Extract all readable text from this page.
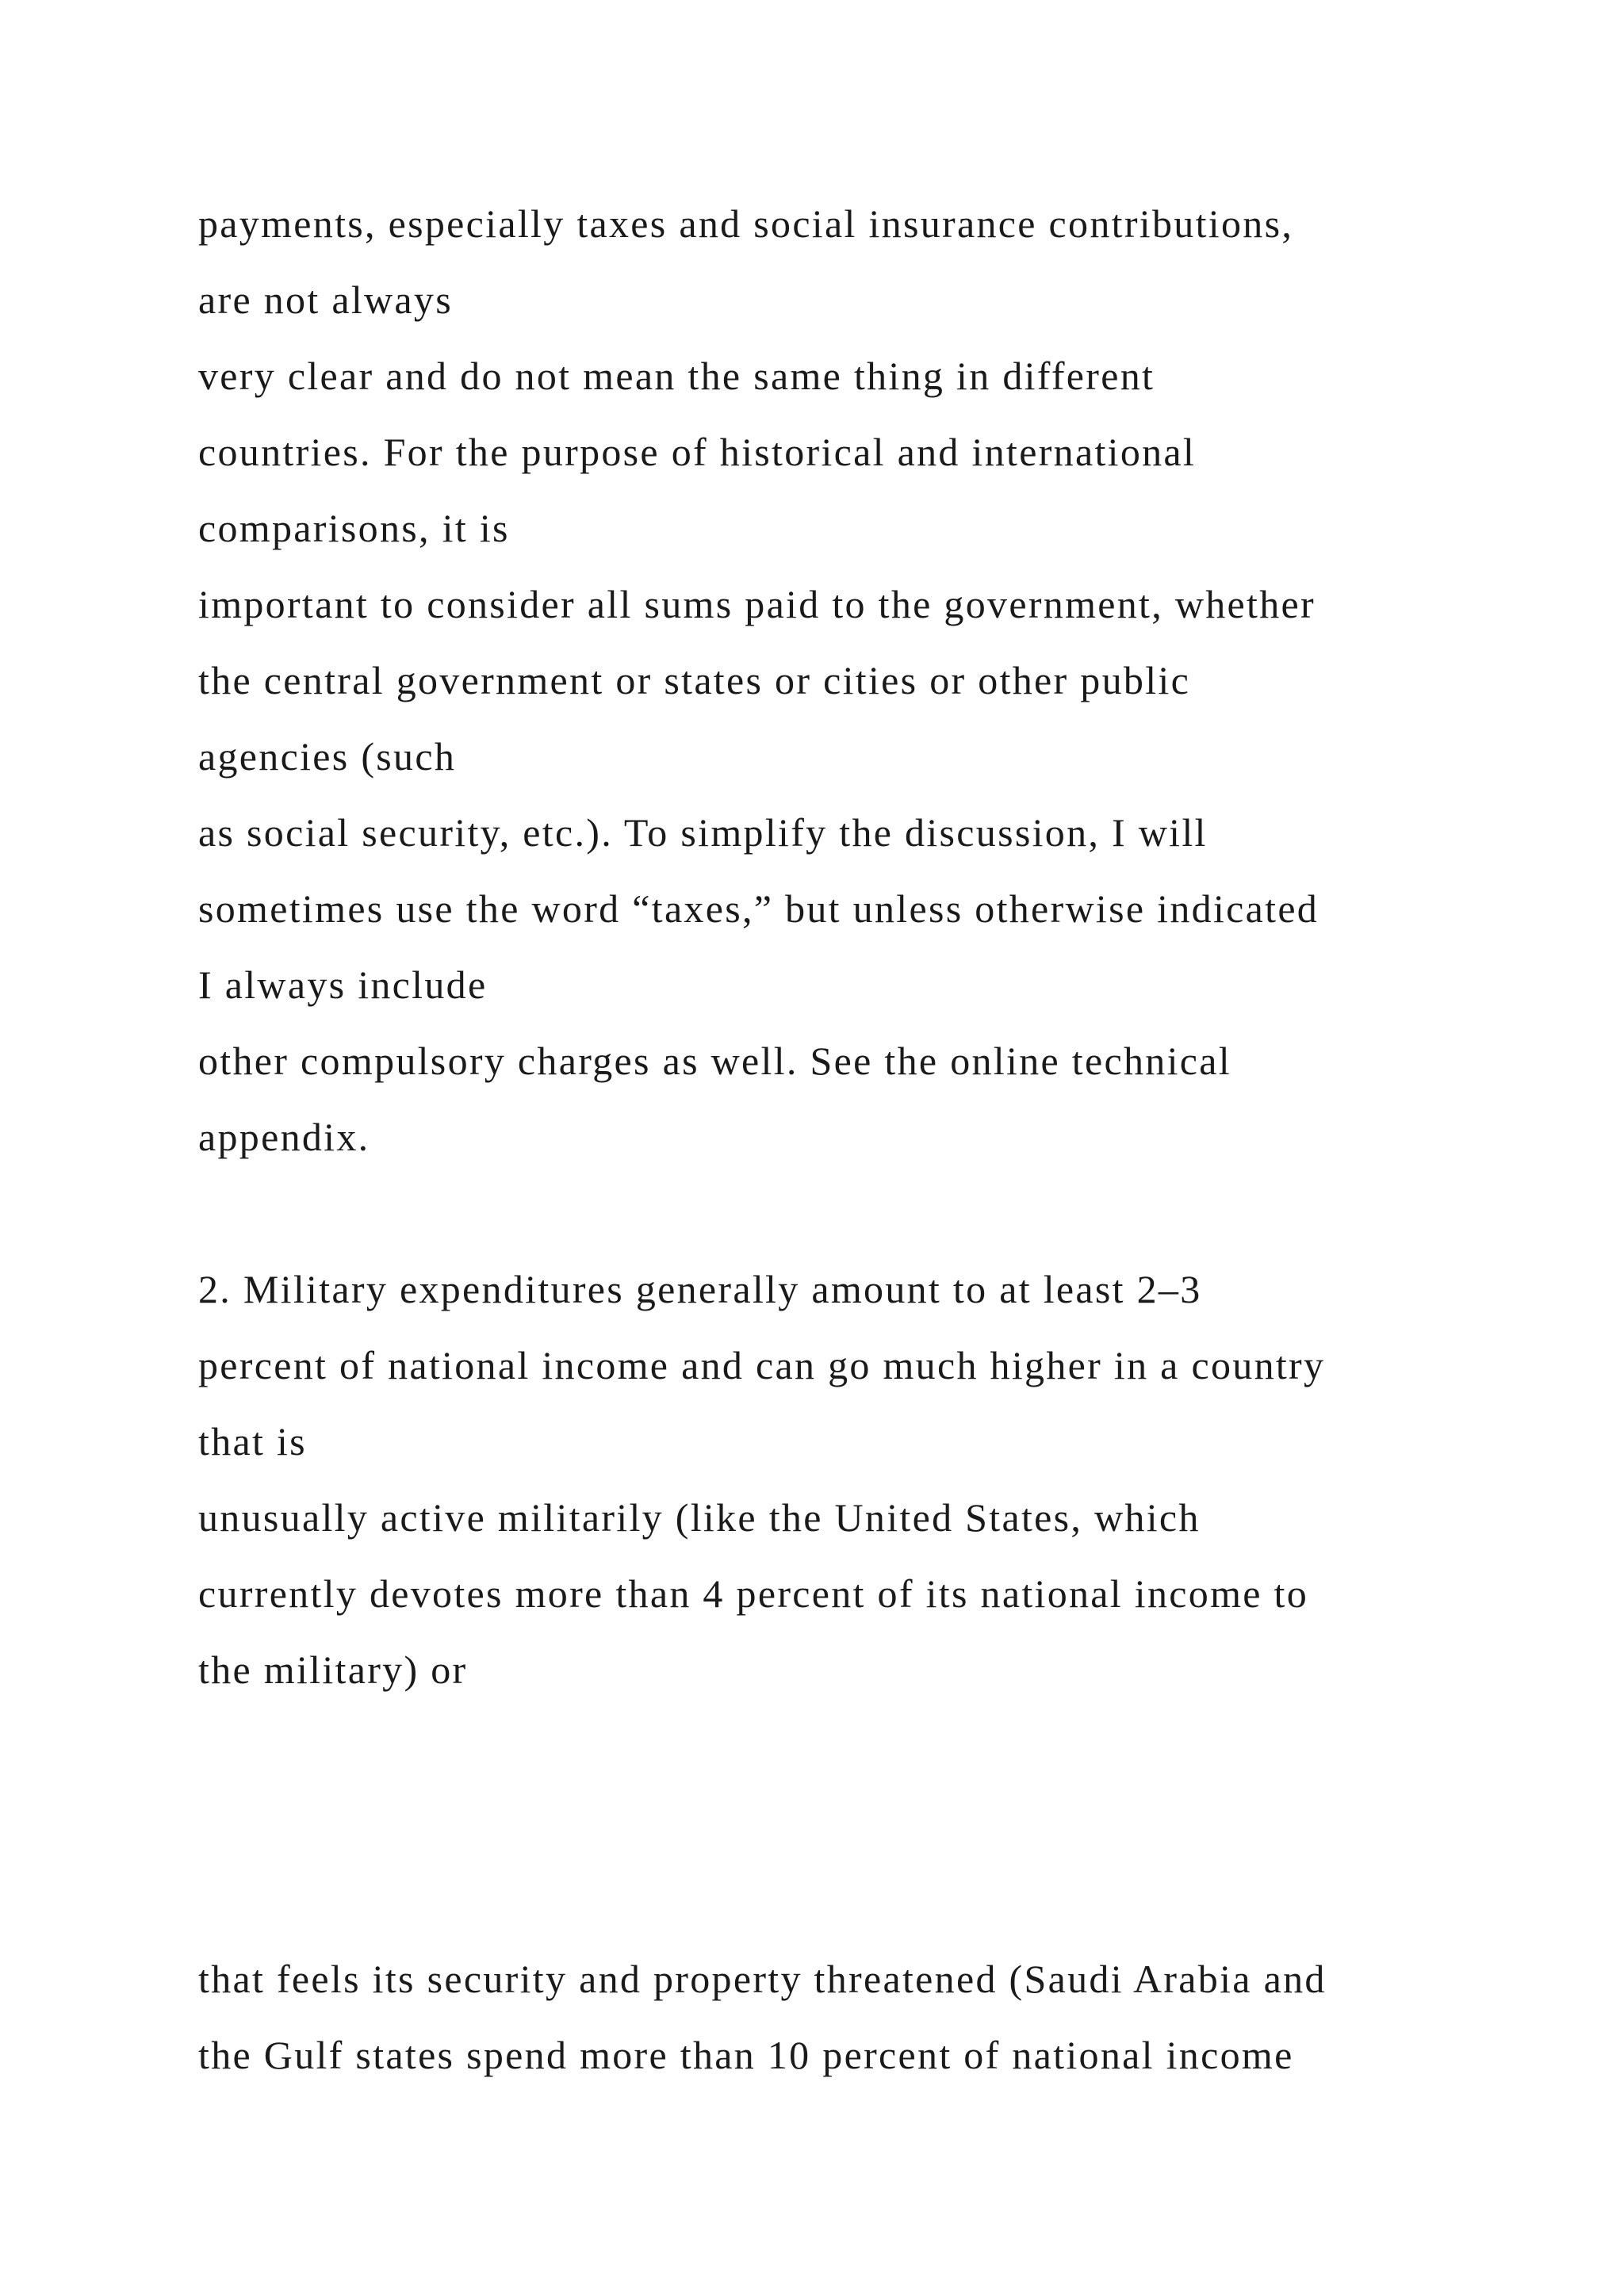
payments, especially taxes and social insurance contributions,

are not always

very clear and do not mean the same thing in different

countries. For the purpose of historical and international

comparisons, it is

important to consider all sums paid to the government, whether

the central government or states or cities or other public

agencies (such

as social security, etc.). To simplify the discussion, I will

sometimes use the word “taxes,” but unless otherwise indicated

I always include

other compulsory charges as well. See the online technical

appendix.

2. Military expenditures generally amount to at least 2–3

percent of national income and can go much higher in a country

that is

unusually active militarily (like the United States, which

currently devotes more than 4 percent of its national income to

the military) or

that feels its security and property threatened (Saudi Arabia and

the Gulf states spend more than 10 percent of national income
